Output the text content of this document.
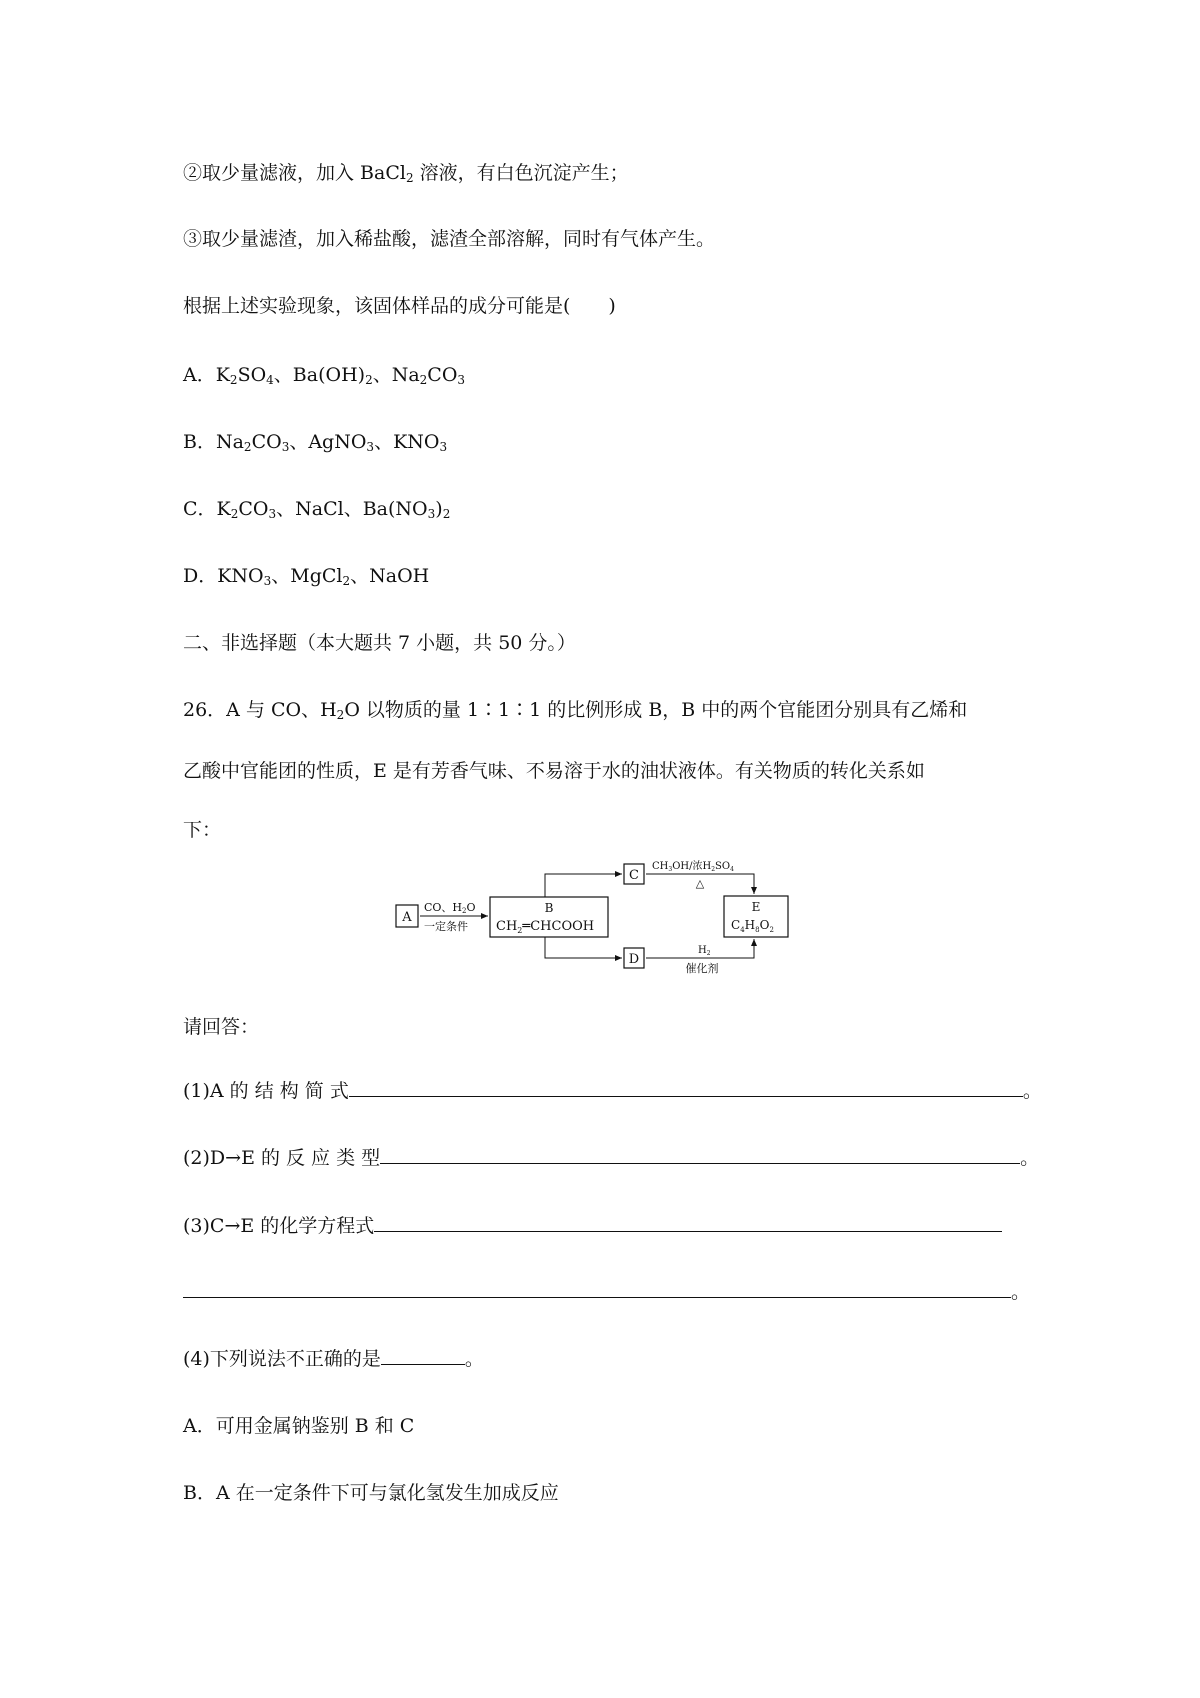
②取少量滤液，加入 BaCl$_2$ 溶液，有白色沉淀产生；
③取少量滤渣，加入稀盐酸，滤渣全部溶解，同时有气体产生。
根据上述实验现象，该固体样品的成分可能是(　　)
A．$K_2SO_4$、$Ba(OH)_2$、$Na_2CO_3$
B．$Na_2CO_3$、AgNO$_3$、$KNO_3$
C．$K_2CO_3$、NaCl、$Ba(NO_3)_2$
D．$KNO_3$、MgCl$_2$、NaOH
二、非选择题（本大题共 7 小题，共 50 分。）
26．A 与 CO、$H_2O$ 以物质的量 1∶1∶1 的比例形成 B，B 中的两个官能团分别具有乙烯和
乙酸中官能团的性质，E 是有芳香气味、不易溶于水的油状液体。有关物质的转化关系如
下：
A
CO、H2O
一定条件
B
$CH_2═CHCOOH$
C
D
$CH_3OH/$浓$H_2SO_4$
△
$H_2$
催化剂
E
$C_4H_8O_2$
请回答：
(1)A 的 结 构 简 式	。
(2)D→E 的 反 应 类 型	。
(3)C→E 的化学方程式
。
(4)下列说法不正确的是	。
A．可用金属钠鉴别 B 和 C
B．A 在一定条件下可与氯化氢发生加成反应
